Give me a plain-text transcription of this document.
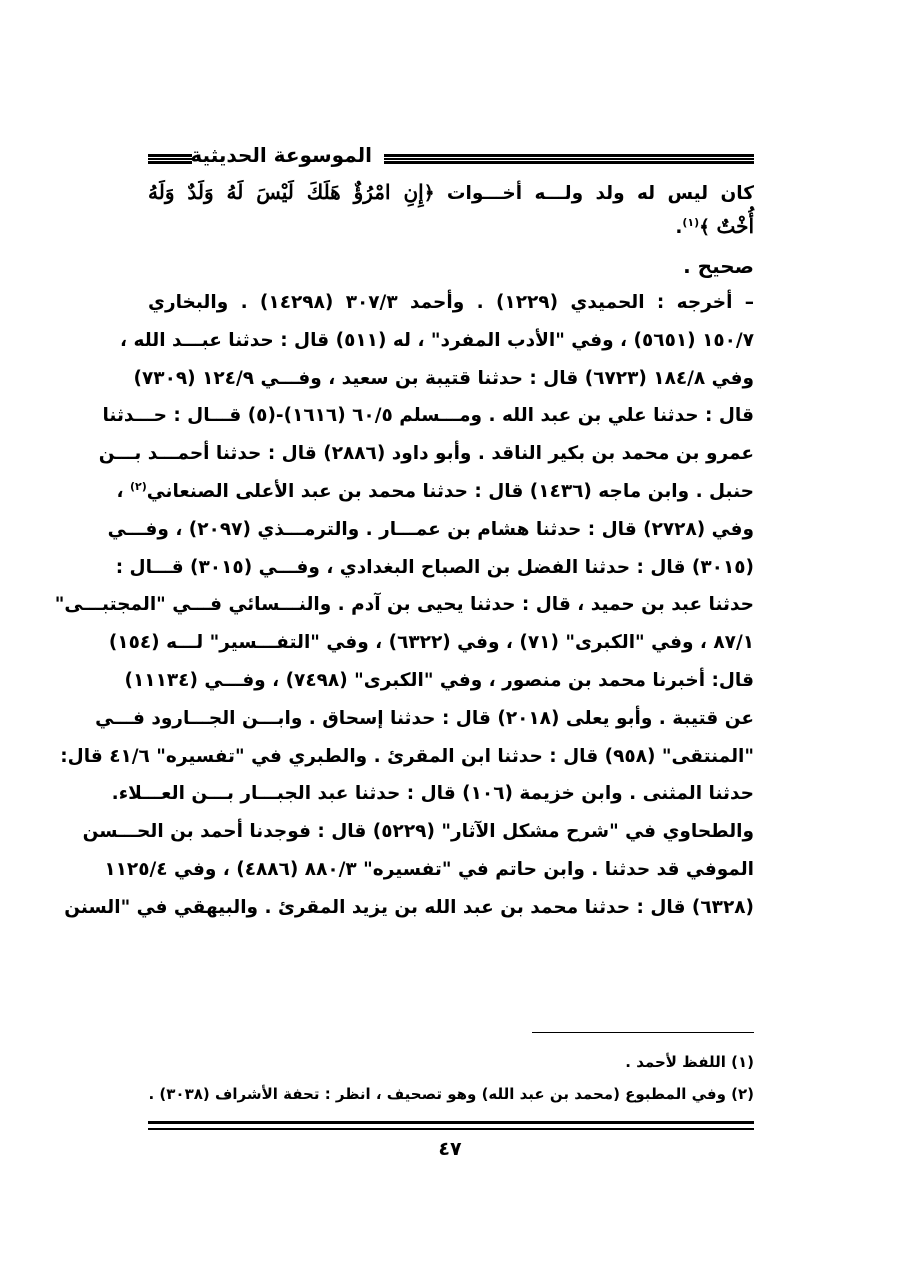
الموسوعة الحديثية
كان ليس له ولد ولـــه أخـــوات ﴿إِنِ امْرُؤٌ هَلَكَ لَيْسَ لَهُ وَلَدٌ وَلَهُ
أُخْتٌ ﴾$^{(١)}$.
صحيح .
– أخرجه : الحميدي (١٢٢٩) . وأحمد ٣٠٧/٣ (١٤٢٩٨) . والبخاري
١٥٠/٧ (٥٦٥١) ، وفي "الأدب المفرد" ، له (٥١١) قال : حدثنا عبـــد الله ،
وفي ١٨٤/٨ (٦٧٢٣) قال : حدثنا قتيبة بن سعيد ، وفـــي ١٢٤/٩ (٧٣٠٩)
قال : حدثنا علي بن عبد الله . ومـــسلم ٦٠/٥ (١٦١٦)-(٥) قـــال : حـــدثنا
عمرو بن محمد بن بكير الناقد . وأبو داود (٢٨٨٦) قال : حدثنا أحمـــد بـــن
حنبل . وابن ماجه (١٤٣٦) قال : حدثنا محمد بن عبد الأعلى الصنعاني$^{(٢)}$ ،
وفي (٢٧٢٨) قال : حدثنا هشام بن عمـــار . والترمـــذي (٢٠٩٧) ، وفـــي
(٣٠١٥) قال : حدثنا الفضل بن الصباح البغدادي ، وفـــي (٣٠١٥) قـــال :
حدثنا عبد بن حميد ، قال : حدثنا يحيى بن آدم . والنـــسائي فـــي "المجتبـــى"
٨٧/١ ، وفي "الكبرى" (٧١) ، وفي (٦٣٢٢) ، وفي "التفـــسير" لـــه (١٥٤)
قال: أخبرنا محمد بن منصور ، وفي "الكبرى" (٧٤٩٨) ، وفـــي (١١١٣٤)
عن قتيبة . وأبو يعلى (٢٠١٨) قال : حدثنا إسحاق . وابـــن الجـــارود فـــي
"المنتقى" (٩٥٨) قال : حدثنا ابن المقرئ . والطبري في "تفسيره" ٤١/٦ قال:
حدثنا المثنى . وابن خزيمة (١٠٦) قال : حدثنا عبد الجبـــار بـــن العـــلاء.
والطحاوي في "شرح مشكل الآثار" (٥٢٢٩) قال : فوجدنا أحمد بن الحـــسن
الموفي قد حدثنا . وابن حاتم في "تفسيره" ٨٨٠/٣ (٤٨٨٦) ، وفي ١١٢٥/٤
(٦٣٢٨) قال : حدثنا محمد بن عبد الله بن يزيد المقرئ . والبيهقي في "السنن
(١) اللفظ لأحمد .
(٢) وفي المطبوع (محمد بن عبد الله) وهو تصحيف ، انظر : تحفة الأشراف (٣٠٣٨) .
٤٧
